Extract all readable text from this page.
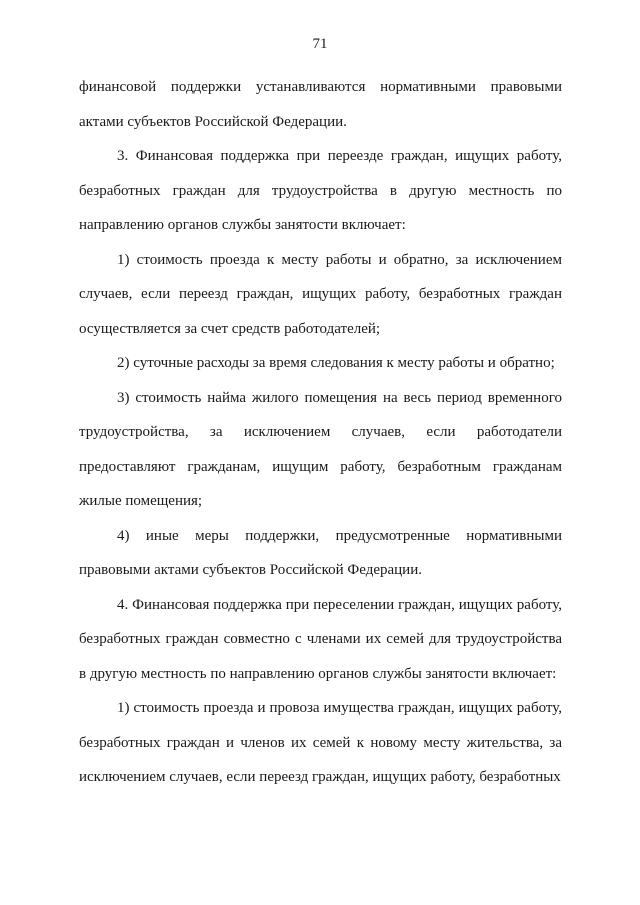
71

финансовой поддержки устанавливаются нормативными правовыми актами субъектов Российской Федерации.

3. Финансовая поддержка при переезде граждан, ищущих работу, безработных граждан для трудоустройства в другую местность по направлению органов службы занятости включает:

1) стоимость проезда к месту работы и обратно, за исключением случаев, если переезд граждан, ищущих работу, безработных граждан осуществляется за счет средств работодателей;

2) суточные расходы за время следования к месту работы и обратно;

3) стоимость найма жилого помещения на весь период временного трудоустройства, за исключением случаев, если работодатели предоставляют гражданам, ищущим работу, безработным гражданам жилые помещения;

4) иные меры поддержки, предусмотренные нормативными правовыми актами субъектов Российской Федерации.

4. Финансовая поддержка при переселении граждан, ищущих работу, безработных граждан совместно с членами их семей для трудоустройства в другую местность по направлению органов службы занятости включает:

1) стоимость проезда и провоза имущества граждан, ищущих работу, безработных граждан и членов их семей к новому месту жительства, за исключением случаев, если переезд граждан, ищущих работу, безработных
